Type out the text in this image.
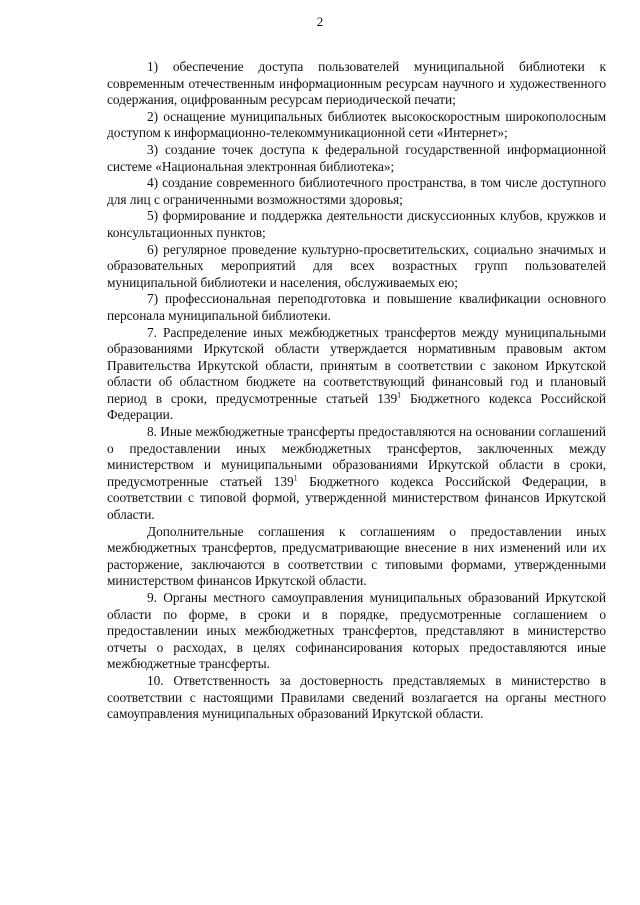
2

1) обеспечение доступа пользователей муниципальной библиотеки к современным отечественным информационным ресурсам научного и художественного содержания, оцифрованным ресурсам периодической печати;

2) оснащение муниципальных библиотек высокоскоростным широкополосным доступом к информационно-телекоммуникационной сети «Интернет»;

3) создание точек доступа к федеральной государственной информационной системе «Национальная электронная библиотека»;

4) создание современного библиотечного пространства, в том числе доступного для лиц с ограниченными возможностями здоровья;

5) формирование и поддержка деятельности дискуссионных клубов, кружков и консультационных пунктов;

6) регулярное проведение культурно-просветительских, социально значимых и образовательных мероприятий для всех возрастных групп пользователей муниципальной библиотеки и населения, обслуживаемых ею;

7) профессиональная переподготовка и повышение квалификации основного персонала муниципальной библиотеки.

7. Распределение иных межбюджетных трансфертов между муниципальными образованиями Иркутской области утверждается нормативным правовым актом Правительства Иркутской области, принятым в соответствии с законом Иркутской области об областном бюджете на соответствующий финансовый год и плановый период в сроки, предусмотренные статьей $139^1$ Бюджетного кодекса Российской Федерации.

8. Иные межбюджетные трансферты предоставляются на основании соглашений о предоставлении иных межбюджетных трансфертов, заключенных между министерством и муниципальными образованиями Иркутской области в сроки, предусмотренные статьей $139^1$ Бюджетного кодекса Российской Федерации, в соответствии с типовой формой, утвержденной министерством финансов Иркутской области.

Дополнительные соглашения к соглашениям о предоставлении иных межбюджетных трансфертов, предусматривающие внесение в них изменений или их расторжение, заключаются в соответствии с типовыми формами, утвержденными министерством финансов Иркутской области.

9. Органы местного самоуправления муниципальных образований Иркутской области по форме, в сроки и в порядке, предусмотренные соглашением о предоставлении иных межбюджетных трансфертов, представляют в министерство отчеты о расходах, в целях софинансирования которых предоставляются иные межбюджетные трансферты.

10. Ответственность за достоверность представляемых в министерство в соответствии с настоящими Правилами сведений возлагается на органы местного самоуправления муниципальных образований Иркутской области.
